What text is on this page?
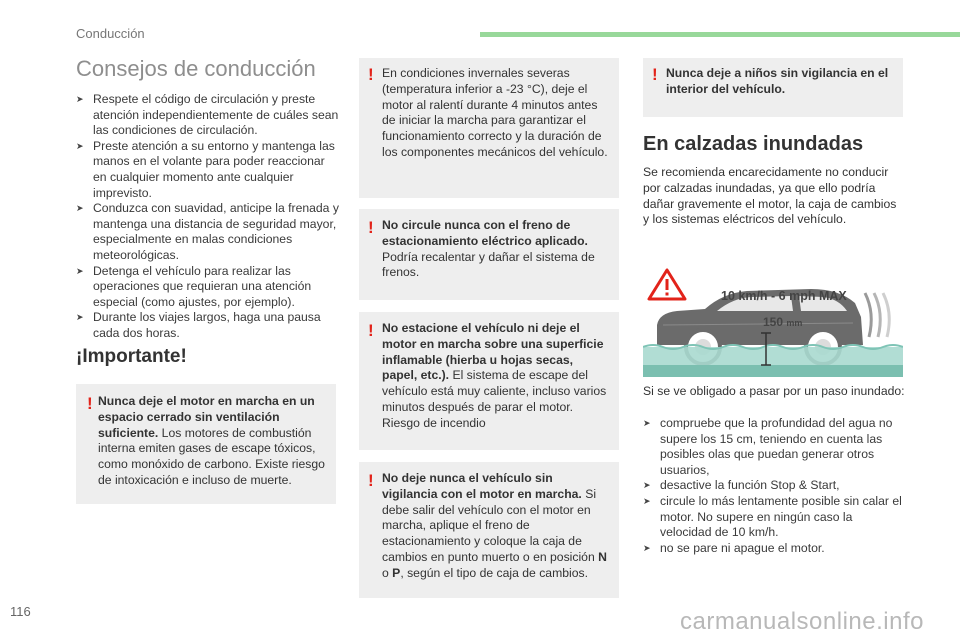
Conducción
Consejos de conducción
➤ Respete el código de circulación y preste atención independientemente de cuáles sean las condiciones de circulación.
➤ Preste atención a su entorno y mantenga las manos en el volante para poder reaccionar en cualquier momento ante cualquier imprevisto.
➤ Conduzca con suavidad, anticipe la frenada y mantenga una distancia de seguridad mayor, especialmente en malas condiciones meteorológicas.
➤ Detenga el vehículo para realizar las operaciones que requieran una atención especial (como ajustes, por ejemplo).
➤ Durante los viajes largos, haga una pausa cada dos horas.
¡Importante!
! Nunca deje el motor en marcha en un espacio cerrado sin ventilación suficiente. Los motores de combustión interna emiten gases de escape tóxicos, como monóxido de carbono. Existe riesgo de intoxicación e incluso de muerte.
! En condiciones invernales severas (temperatura inferior a -23 °C), deje el motor al ralentí durante 4 minutos antes de iniciar la marcha para garantizar el funcionamiento correcto y la duración de los componentes mecánicos del vehículo.
! No circule nunca con el freno de estacionamiento eléctrico aplicado. Podría recalentar y dañar el sistema de frenos.
! No estacione el vehículo ni deje el motor en marcha sobre una superficie inflamable (hierba u hojas secas, papel, etc.). El sistema de escape del vehículo está muy caliente, incluso varios minutos después de parar el motor. Riesgo de incendio
! No deje nunca el vehículo sin vigilancia con el motor en marcha. Si debe salir del vehículo con el motor en marcha, aplique el freno de estacionamiento y coloque la caja de cambios en punto muerto o en posición N o P, según el tipo de caja de cambios.
! Nunca deje a niños sin vigilancia en el interior del vehículo.
En calzadas inundadas
Se recomienda encarecidamente no conducir por calzadas inundadas, ya que ello podría dañar gravemente el motor, la caja de cambios y los sistemas eléctricos del vehículo.
10 km/h - 6 mph MAX
150 mm
Si se ve obligado a pasar por un paso inundado:
➤ compruebe que la profundidad del agua no supere los 15 cm, teniendo en cuenta las posibles olas que puedan generar otros usuarios,
➤ desactive la función Stop & Start,
➤ circule lo más lentamente posible sin calar el motor. No supere en ningún caso la velocidad de 10 km/h.
➤ no se pare ni apague el motor.
116	carmanualsonline.info
